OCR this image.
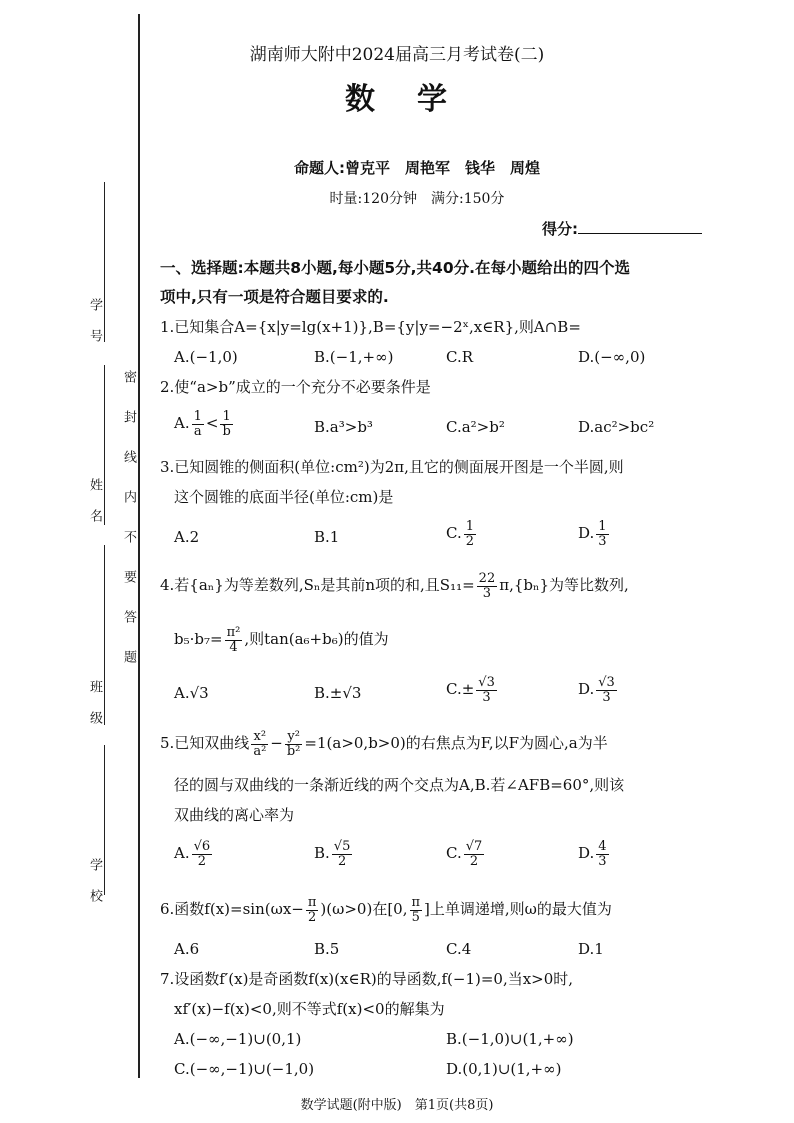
学号
姓名
班级
学校
密封线内不要答题
湖南师大附中2024届高三月考试卷(二)
数学
命题人:曾克平　周艳军　钱华　周煌
时量:120分钟　满分:150分
得分:
一、选择题:本题共8小题,每小题5分,共40分.在每小题给出的四个选
项中,只有一项是符合题目要求的.
1.已知集合A={x|y=lg(x+1)},B={y|y=−2ˣ,x∈R},则A∩B=
A.(−1,0)	B.(−1,+∞)	C.R	D.(−∞,0)
2.使“a>b”成立的一个充分不必要条件是
A. $\frac{1}{a} < \frac{1}{b}$	B.a³>b³	C.a²>b²	D.ac²>bc²
3.已知圆锥的侧面积(单位:cm²)为2π,且它的侧面展开图是一个半圆,则
这个圆锥的底面半径(单位:cm)是
A.2	B.1	C. $\frac{1}{2}$	D. $\frac{1}{3}$
4.若{aₙ}为等差数列,Sₙ是其前n项的和,且$S_{11}= \frac{22}{3} \pi,\{b_n\}$为等比数列,
$b_5\cdot b_7= \frac{\text{π²}}{4}$ ,则tan(a₆+b₆)的值为
A.√3	B.±√3	$C.\pm \frac{√3}{3}$	D. $\frac{√3}{3}$
5.已知双曲线 $\frac{\text{x²}}{\text{a²}} - \frac{\text{y²}}{\text{b²}} =1(a>0,b>0)$的右焦点为F,以F为圆心,a为半
径的圆与双曲线的一条渐近线的两个交点为A,B.若∠AFB=60°,则该
双曲线的离心率为
A. $\frac{√6}{2}$	B. $\frac{√5}{2}$	C. $\frac{√7}{2}$	D. $\frac{4}{3}$
6.函数$f(x)=\sin(\omega x- \frac{\pi}{2} )(\omega>0)$在[0, $\frac{\pi}{5}$ ]上单调递增,则ω的最大值为
A.6	B.5	C.4	D.1
7.设函数f′(x)是奇函数f(x)(x∈R)的导函数,f(−1)=0,当x>0时,
xf′(x)−f(x)<0,则不等式f(x)<0的解集为
A.(−∞,−1)∪(0,1)	B.(−1,0)∪(1,+∞)
C.(−∞,−1)∪(−1,0)	D.(0,1)∪(1,+∞)
数学试题(附中版)　第1页(共8页)
